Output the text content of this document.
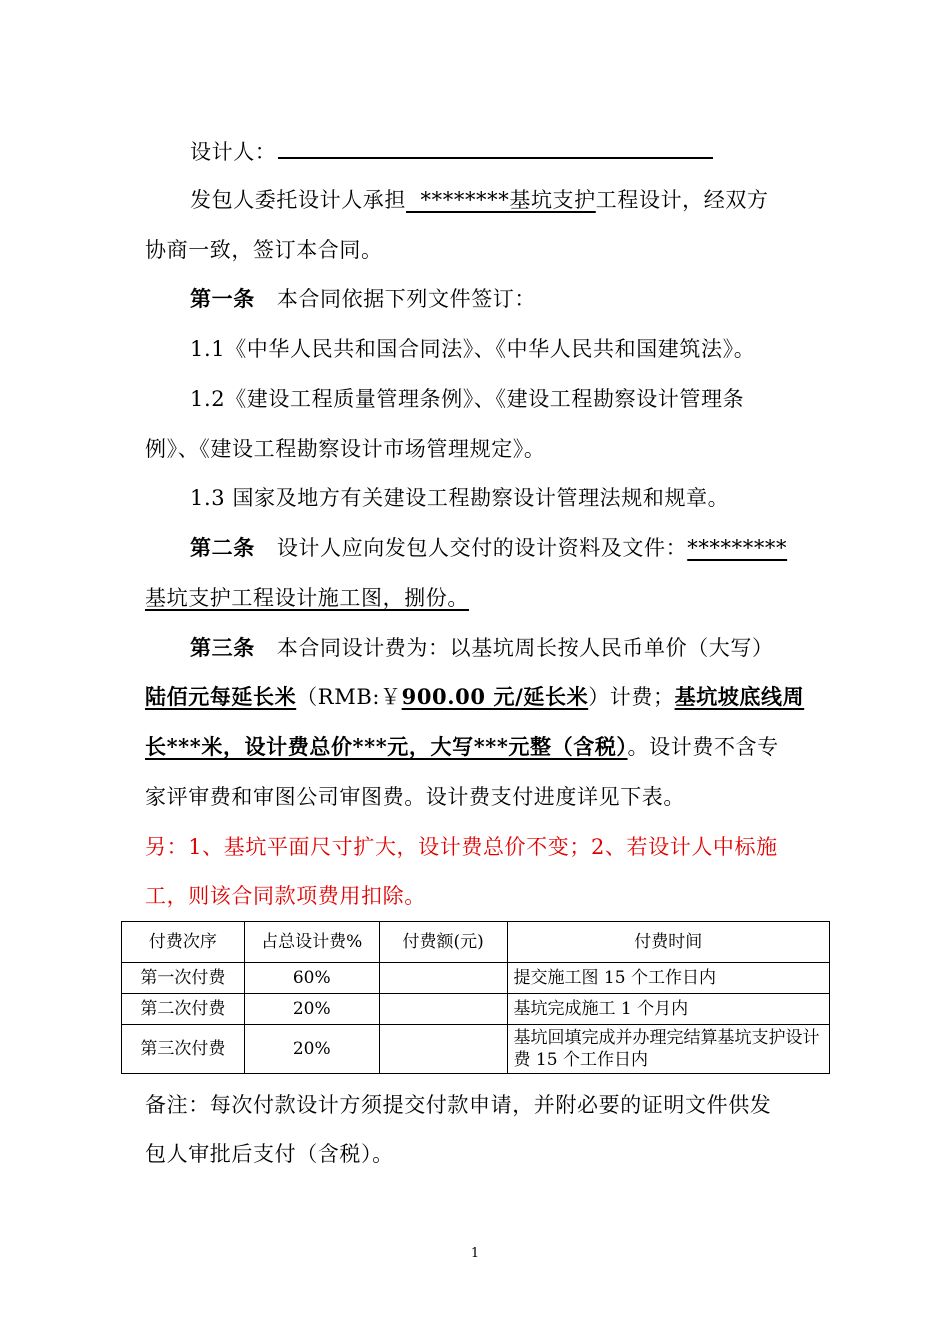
设计人：
发包人委托设计人承担  ********基坑支护工程设计，经双方
协商一致，签订本合同。
第一条 本合同依据下列文件签订：
1.1《中华人民共和国合同法》、《中华人民共和国建筑法》。
1.2《建设工程质量管理条例》、《建设工程勘察设计管理条
例》、《建设工程勘察设计市场管理规定》。
1.3 国家及地方有关建设工程勘察设计管理法规和规章。
第二条 设计人应向发包人交付的设计资料及文件：*********
基坑支护工程设计施工图，捌份。
第三条 本合同设计费为：以基坑周长按人民币单价（大写）
陆佰元每延长米（RMB:￥900.00 元/延长米）计费；基坑坡底线周
长***米，设计费总价***元，大写***元整（含税）。设计费不含专
家评审费和审图公司审图费。设计费支付进度详见下表。
另：1、基坑平面尺寸扩大，设计费总价不变；2、若设计人中标施
工，则该合同款项费用扣除。
付费次序	占总设计费%	付费额(元)	付费时间
第一次付费	60%		提交施工图 15 个工作日内
第二次付费	20%		基坑完成施工 1 个月内
第三次付费	20%		基坑回填完成并办理完结算基坑支护设计费 15 个工作日内
备注：每次付款设计方须提交付款申请，并附必要的证明文件供发
包人审批后支付（含税）。
1
